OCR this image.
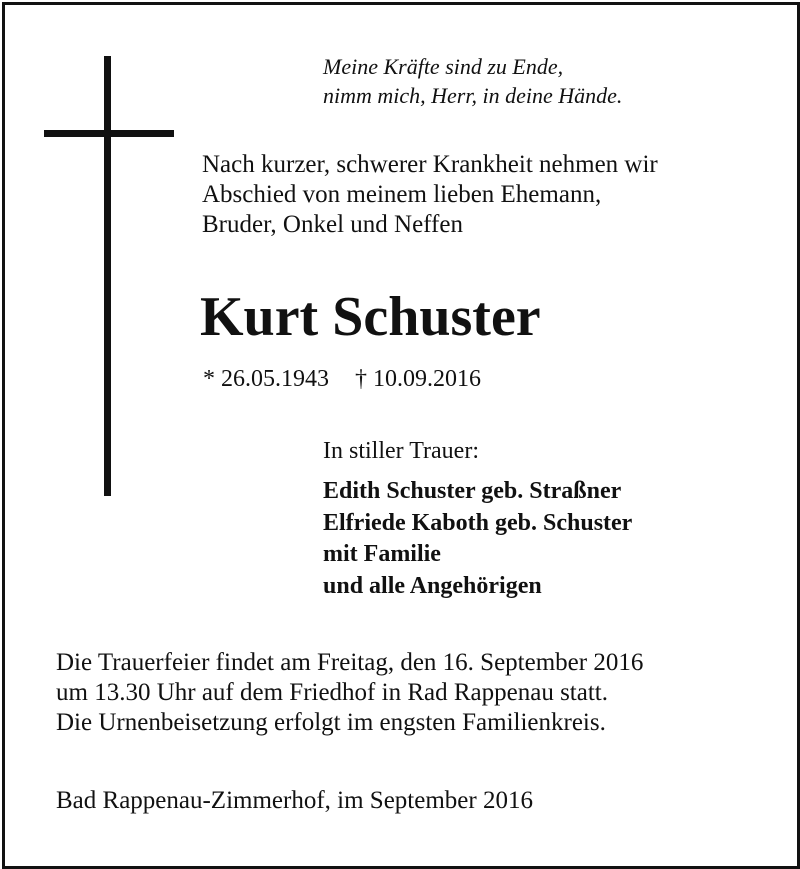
Meine Kräfte sind zu Ende,
nimm mich, Herr, in deine Hände.
Nach kurzer, schwerer Krankheit nehmen wir
Abschied von meinem lieben Ehemann,
Bruder, Onkel und Neffen
Kurt Schuster
* 26.05.1943 † 10.09.2016
In stiller Trauer:
Edith Schuster geb. Straßner
Elfriede Kaboth geb. Schuster
mit Familie
und alle Angehörigen
Die Trauerfeier findet am Freitag, den 16. September 2016
um 13.30 Uhr auf dem Friedhof in Rad Rappenau statt.
Die Urnenbeisetzung erfolgt im engsten Familienkreis.
Bad Rappenau-Zimmerhof, im September 2016
